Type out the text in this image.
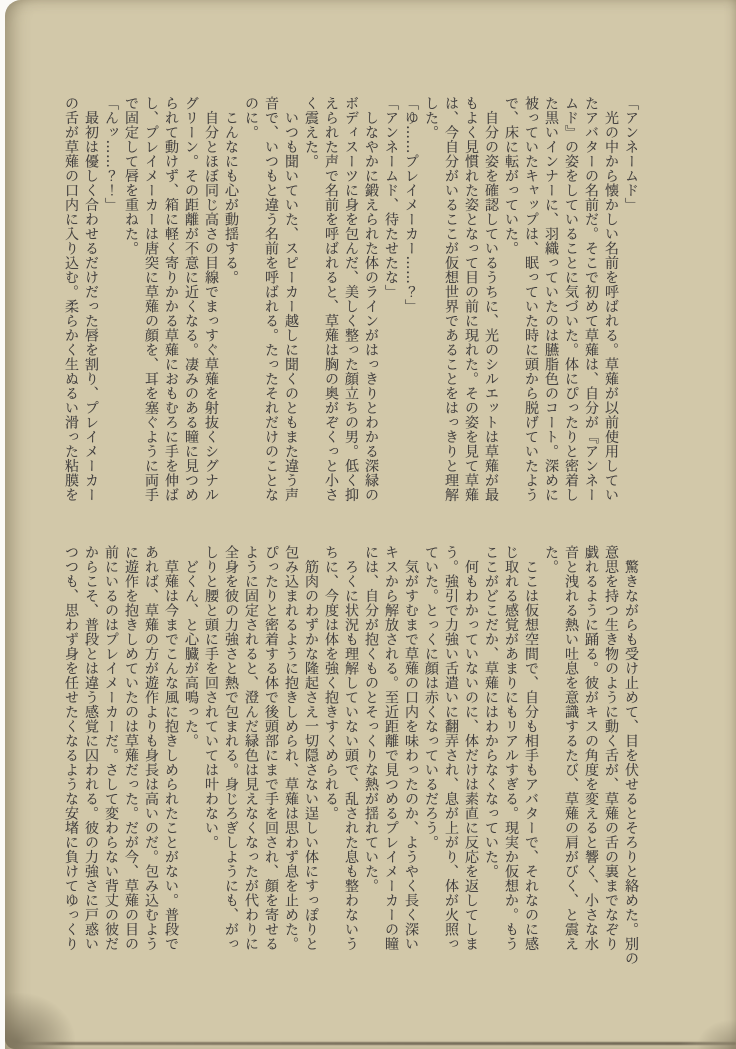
「アンネームド」

　光の中から懐かしい名前を呼ばれる。草薙が以前使用してい

たアバターの名前だ。そこで初めて草薙は、自分が『アンネー

ムド』の姿をしていることに気づいた。体にぴったりと密着し

た黒いインナーに、羽織っていたのは臙脂色のコート。深めに

被っていたキャップは、眠っていた時に頭から脱げていたよう

で、床に転がっていた。

　自分の姿を確認しているうちに、光のシルエットは草薙が最

もよく見慣れた姿となって目の前に現れた。その姿を見て草薙

は、今自分がいるここが仮想世界であることをはっきりと理解

した。

「ゆ……プレイメーカー……？」

「アンネームド、待たせたな」

　しなやかに鍛えられた体のラインがはっきりとわかる深緑の

ボディスーツに身を包んだ、美しく整った顔立ちの男。低く抑

えられた声で名前を呼ばれると、草薙は胸の奥がぞくっと小さ

く震えた。

　いつも聞いていた、スピーカー越しに聞くのともまた違う声

音で、いつもと違う名前を呼ばれる。たったそれだけのことな

のに。

　こんなにも心が動揺する。

　自分とほぼ同じ高さの目線でまっすぐ草薙を射抜くシグナル

グリーン。その距離が不意に近くなる。凄みのある瞳に見つめ

られて動けず、箱に軽く寄りかかる草薙におもむろに手を伸ば

し、プレイメーカーは唐突に草薙の顔を、耳を塞ぐように両手

で固定して唇を重ねた。

「んッ……？！」

　最初は優しく合わせるだけだった唇を割り、プレイメーカー

の舌が草薙の口内に入り込む。柔らかく生ぬるい滑った粘膜を

　驚きながらも受け止めて、目を伏せるとそろりと絡めた。別の

意思を持つ生き物のように動く舌が、草薙の舌の裏までなぞり

戯れるように踊る。彼がキスの角度を変えると響く、小さな水

音と洩れる熱い吐息を意識するたび、草薙の肩がびく、と震え

た。

　ここは仮想空間で、自分も相手もアバターで、それなのに感

じ取れる感覚があまりにもリアルすぎる。現実か仮想か。もう

ここがどこだか、草薙にはわからなくなっていた。

　何もわかっていないのに、体だけは素直に反応を返してしま

う。強引で力強い舌遣いに翻弄され、息が上がり、体が火照っ

ていた。とっくに顔は赤くなっているだろう。

　気がすむまで草薙の口内を味わったのか、ようやく長く深い

キスから解放される。至近距離で見つめるプレイメーカーの瞳

には、自分が抱くものとそっくりな熱が揺れていた。

　ろくに状況も理解していない頭で、乱された息も整わないう

ちに、今度は体を強く抱きすくめられる。

　筋肉のわずかな隆起さえ一切隠さない逞しい体にすっぽりと

包み込まれるように抱きしめられ、草薙は思わず息を止めた。

ぴったりと密着する体で後頭部にまで手を回され、顔を寄せる

ように固定されると、澄んだ緑色は見えなくなったが代わりに

全身を彼の力強さと熱で包まれる。身じろぎしようにも、がっ

しりと腰と頭に手を回されていては叶わない。

　どくん、と心臓が高鳴った。

　草薙は今までこんな風に抱きしめられたことがない。普段で

あれば、草薙の方が遊作よりも身長は高いのだ。包み込むよう

に遊作を抱きしめていたのは草薙だった。だが今、草薙の目の

前にいるのはプレイメーカーだ。さして変わらない背丈の彼だ

からこそ、普段とは違う感覚に囚われる。彼の力強さに戸惑い

つつも、思わず身を任せたくなるような安堵に負けてゆっくり
